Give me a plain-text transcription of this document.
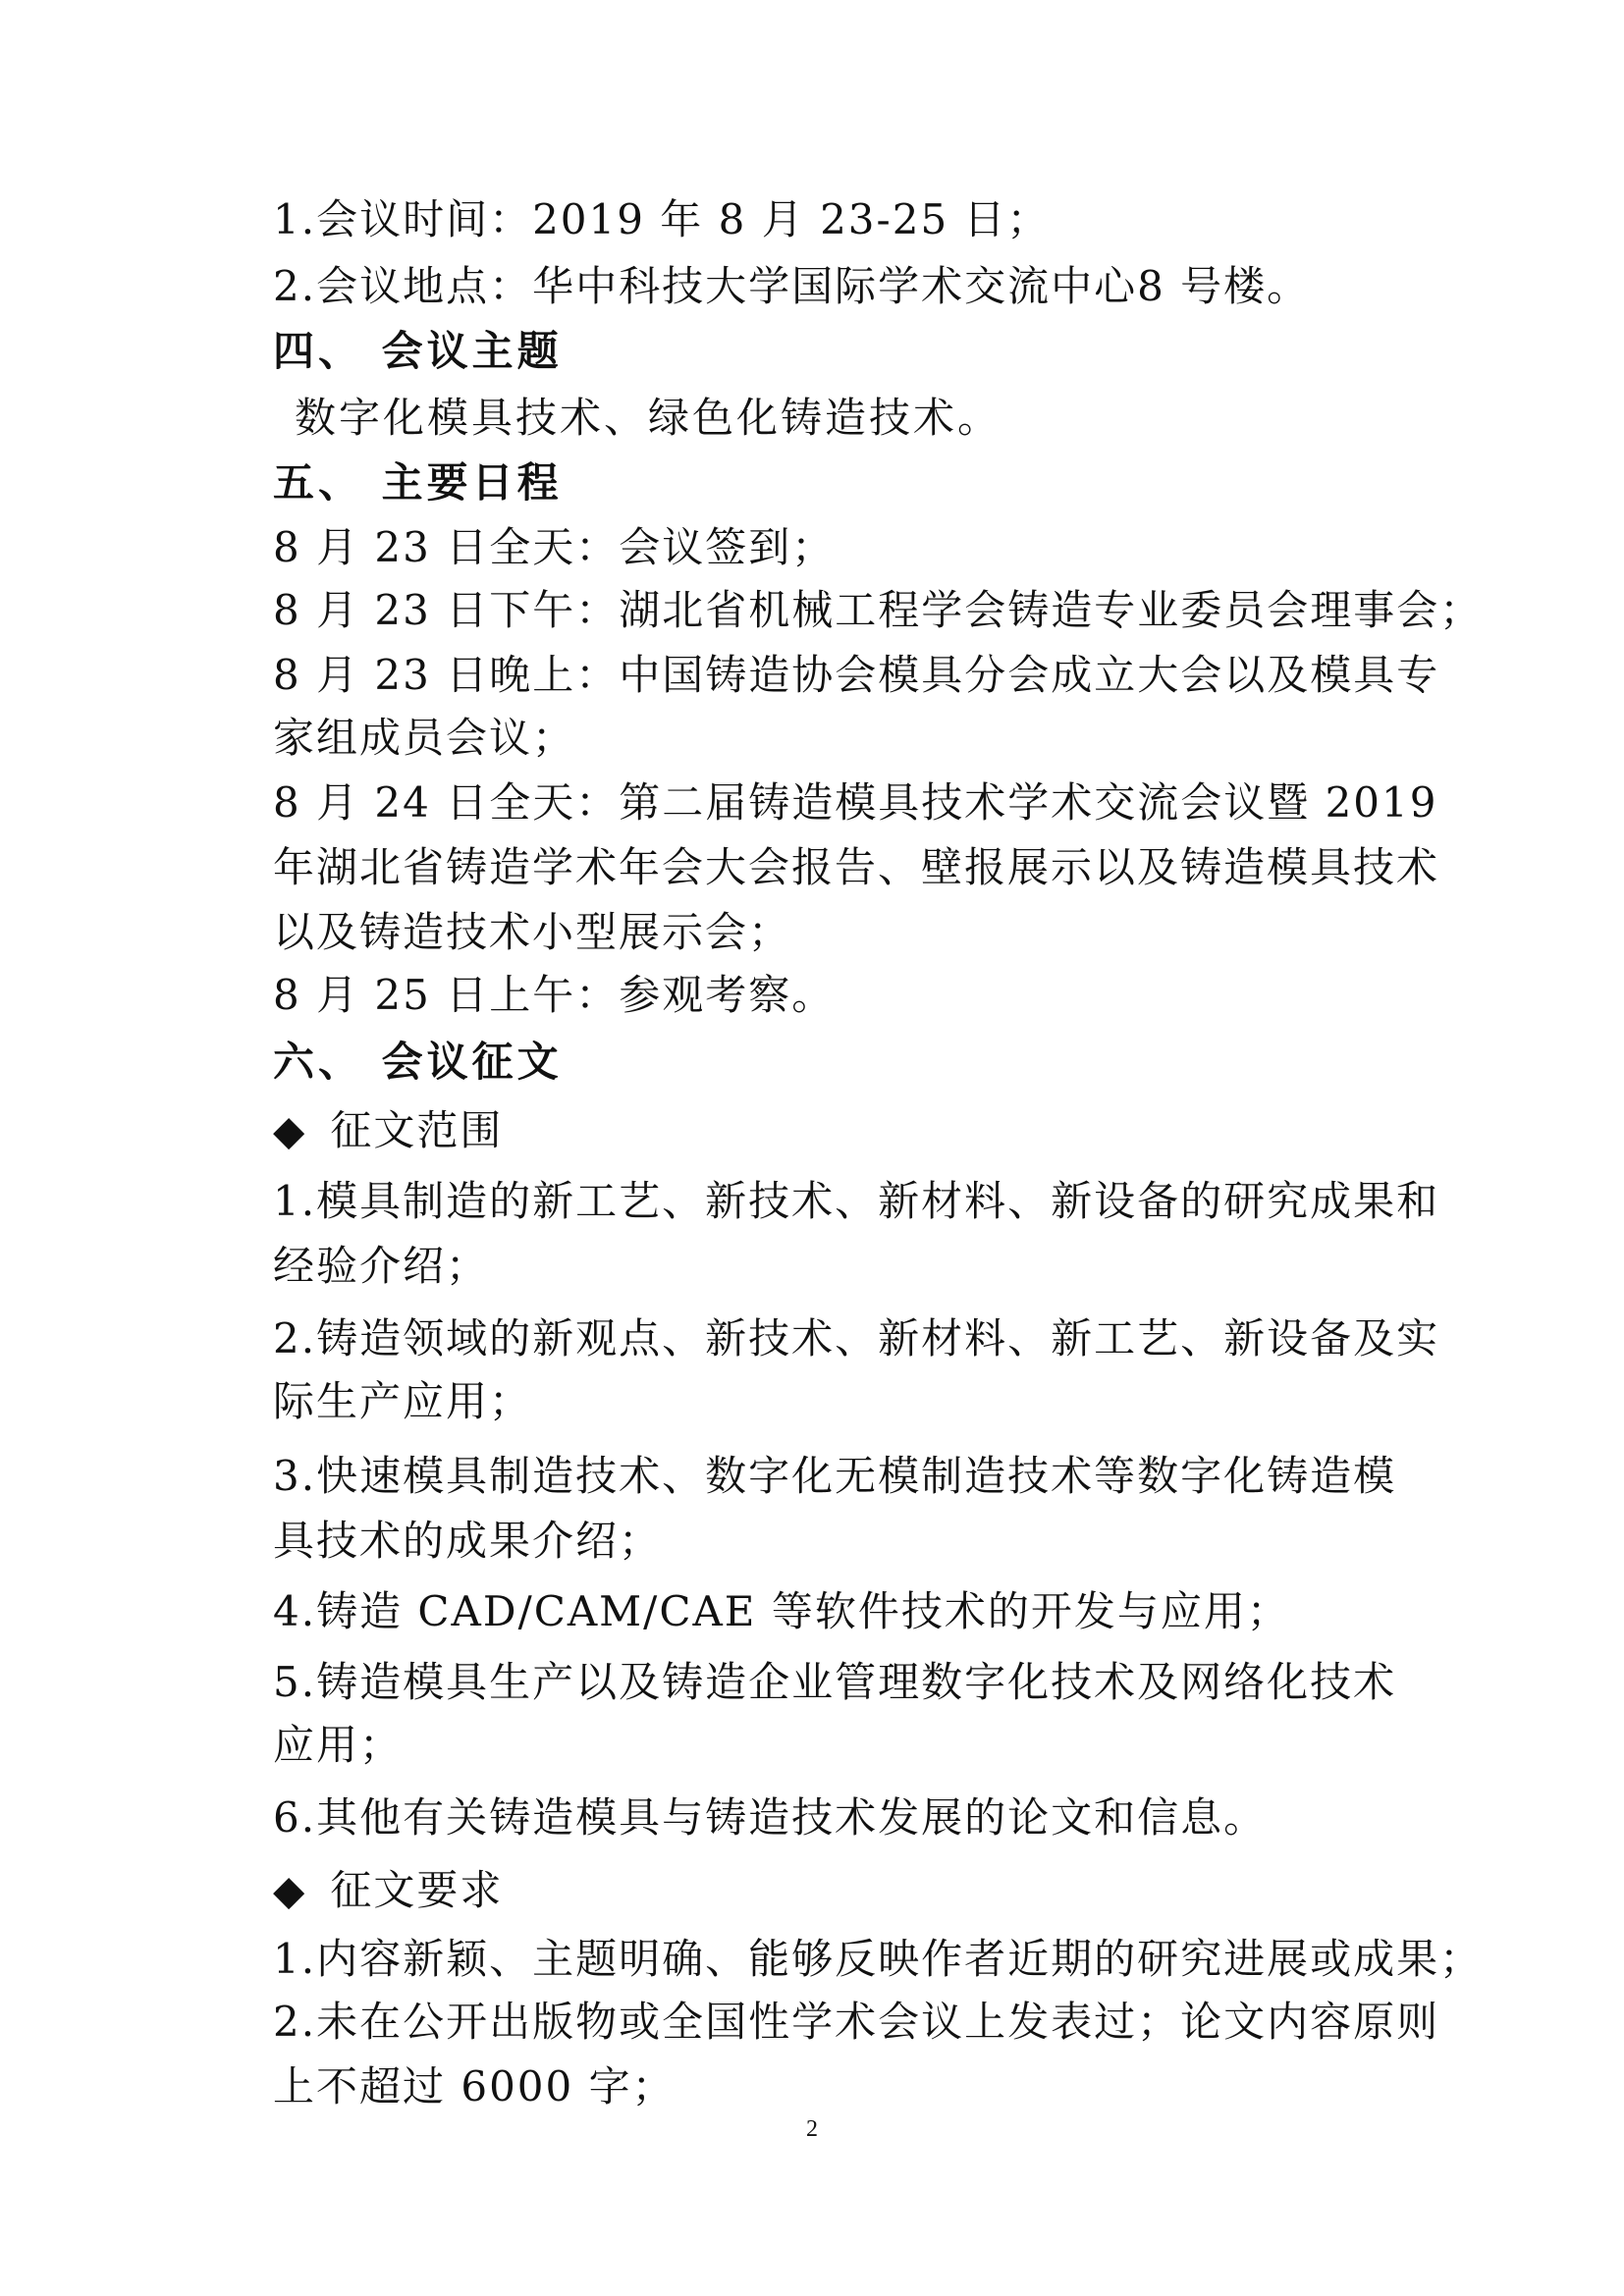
1.会议时间：2019 年 8 月 23-25 日；
2.会议地点：华中科技大学国际学术交流中心8 号楼。
四、 会议主题
数字化模具技术、绿色化铸造技术。
五、 主要日程
8 月 23 日全天：会议签到；
8 月 23 日下午：湖北省机械工程学会铸造专业委员会理事会；
8 月 23 日晚上：中国铸造协会模具分会成立大会以及模具专
家组成员会议；
8 月 24 日全天：第二届铸造模具技术学术交流会议暨 2019
年湖北省铸造学术年会大会报告、壁报展示以及铸造模具技术
以及铸造技术小型展示会；
8 月 25 日上午：参观考察。
六、 会议征文
◆ 征文范围
1.模具制造的新工艺、新技术、新材料、新设备的研究成果和
经验介绍；
2.铸造领域的新观点、新技术、新材料、新工艺、新设备及实
际生产应用；
3.快速模具制造技术、数字化无模制造技术等数字化铸造模
具技术的成果介绍；
4.铸造 CAD/CAM/CAE 等软件技术的开发与应用；
5.铸造模具生产以及铸造企业管理数字化技术及网络化技术
应用；
6.其他有关铸造模具与铸造技术发展的论文和信息。
◆ 征文要求
1.内容新颖、主题明确、能够反映作者近期的研究进展或成果；
2.未在公开出版物或全国性学术会议上发表过；论文内容原则
上不超过 6000 字；
2
